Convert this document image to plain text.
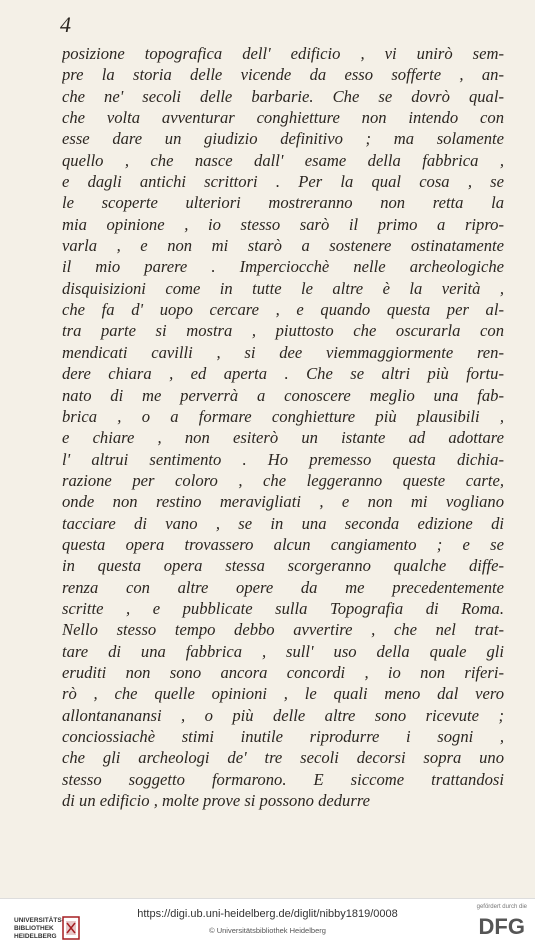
4
posizione topografica dell' edificio , vi unirò sem-
pre la storia delle vicende da esso sofferte , an-
che ne' secoli delle barbarie. Che se dovrò qual-
che volta avventurar conghietture non intendo con
esse dare un giudizio definitivo ; ma solamente
quello , che nasce dall' esame della fabbrica ,
e dagli antichi scrittori . Per la qual cosa , se
le scoperte ulteriori mostreranno non retta la
mia opinione , io stesso sarò il primo a ripro-
varla , e non mi starò a sostenere ostinatamente
il mio parere . Imperciocchè nelle archeologiche
disquisizioni come in tutte le altre è la verità ,
che fa d' uopo cercare , e quando questa per al-
tra parte si mostra , piuttosto che oscurarla con
mendicati cavilli , si dee viemmaggiormente ren-
dere chiara , ed aperta . Che se altri più fortu-
nato di me perverrà a conoscere meglio una fab-
brica , o a formare conghietture più plausibili ,
e chiare , non esiterò un istante ad adottare
l' altrui sentimento . Ho premesso questa dichia-
razione per coloro , che leggeranno queste carte,
onde non restino meravigliati , e non mi vogliano
tacciare di vano , se in una seconda edizione di
questa opera trovassero alcun cangiamento ; e se
in questa opera stessa scorgeranno qualche diffe-
renza con altre opere da me precedentemente
scritte , e pubblicate sulla Topografia di Roma.
Nello stesso tempo debbo avvertire , che nel trat-
tare di una fabbrica , sull' uso della quale gli
eruditi non sono ancora concordi , io non riferi-
rò , che quelle opinioni , le quali meno dal vero
allontananansi , o più delle altre sono ricevute ;
conciossiachè stimi inutile riprodurre i sogni ,
che gli archeologi de' tre secoli decorsi sopra uno
stesso soggetto formarono. E siccome trattandosi
di un edificio , molte prove si possono dedurre
UNIVERSITÄTS-
BIBLIOTHEK
HEIDELBERG
https://digi.ub.uni-heidelberg.de/diglit/nibby1819/0008
© Universitätsbibliothek Heidelberg
gefördert durch die
DFG
